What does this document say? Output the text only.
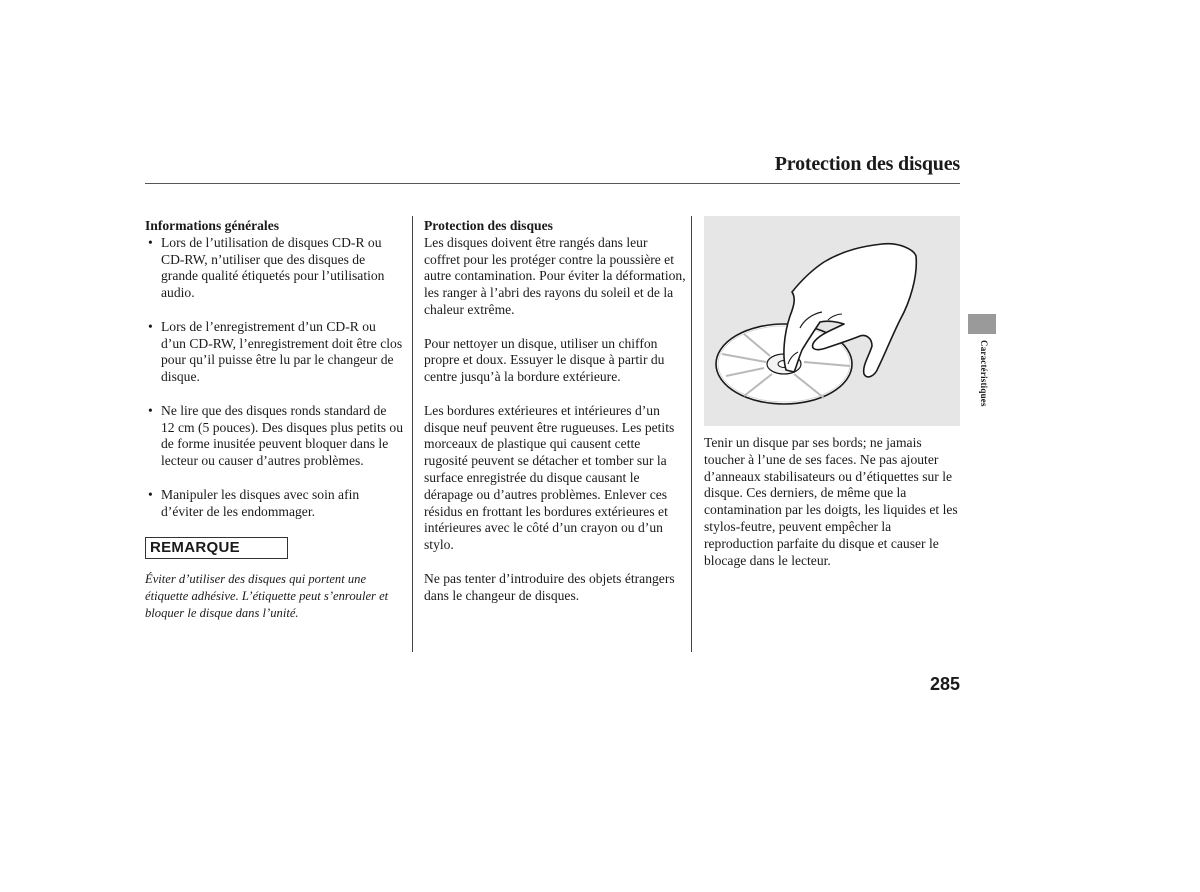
Protection des disques
Informations générales
• Lors de l’utilisation de disques CD-R ou CD-RW, n’utiliser que des disques de grande qualité étiquetés pour l’utilisation audio.
• Lors de l’enregistrement d’un CD-R ou d’un CD-RW, l’enregistrement doit être clos pour qu’il puisse être lu par le changeur de disque.
• Ne lire que des disques ronds standard de 12 cm (5 pouces). Des disques plus petits ou de forme inusitée peuvent bloquer dans le lecteur ou causer d’autres problèmes.
• Manipuler les disques avec soin afin d’éviter de les endommager.
REMARQUE

Éviter d’utiliser des disques qui portent une étiquette adhésive. L’étiquette peut s’enrouler et bloquer le disque dans l’unité.

Protection des disques

Les disques doivent être rangés dans leur coffret pour les protéger contre la poussière et autre contamination. Pour éviter la déformation, les ranger à l’abri des rayons du soleil et de la chaleur extrême.

Pour nettoyer un disque, utiliser un chiffon propre et doux. Essuyer le disque à partir du centre jusqu’à la bordure extérieure.

Les bordures extérieures et intérieures d’un disque neuf peuvent être rugueuses. Les petits morceaux de plastique qui causent cette rugosité peuvent se détacher et tomber sur la surface enregistrée du disque causant le dérapage ou d’autres problèmes. Enlever ces résidus en frottant les bordures extérieures et intérieures avec le côté d’un crayon ou d’un stylo.

Ne pas tenter d’introduire des objets étrangers dans le changeur de disques.

Tenir un disque par ses bords; ne jamais toucher à l’une de ses faces. Ne pas ajouter d’anneaux stabilisateurs ou d’étiquettes sur le disque. Ces derniers, de même que la contamination par les doigts, les liquides et les stylos-feutre, peuvent empêcher la reproduction parfaite du disque et causer le blocage dans le lecteur.

Caractéristiques
285
